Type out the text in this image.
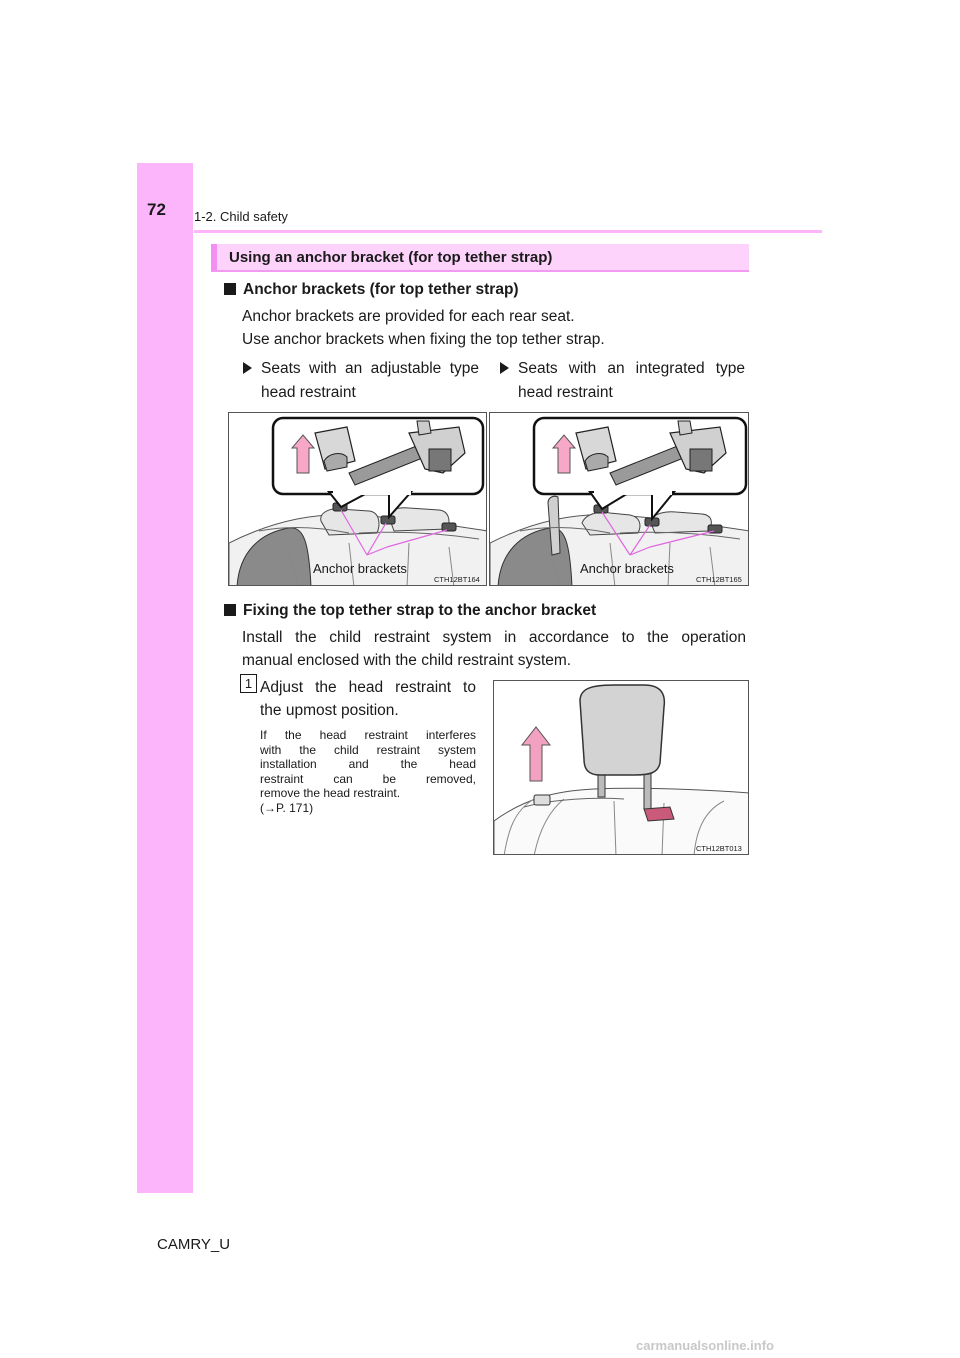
72 1-2. Child safety
Using an anchor bracket (for top tether strap)
Anchor brackets (for top tether strap)
Anchor brackets are provided for each rear seat.
Use anchor brackets when fixing the top tether strap.
Seats with an adjustable type
head restraint
Seats with an integrated type
head restraint
Anchor brackets
CTH12BT164
Anchor brackets
CTH12BT165
Fixing the top tether strap to the anchor bracket
Install the child restraint system in accordance to the operation
manual enclosed with the child restraint system.
1 Adjust the head restraint to
the upmost position.
If the head restraint interferes
with the child restraint system
installation and the head
restraint can be removed,
remove the head restraint.
(→P. 171)
CTH12BT013
CAMRY_U
carmanualsonline.info
